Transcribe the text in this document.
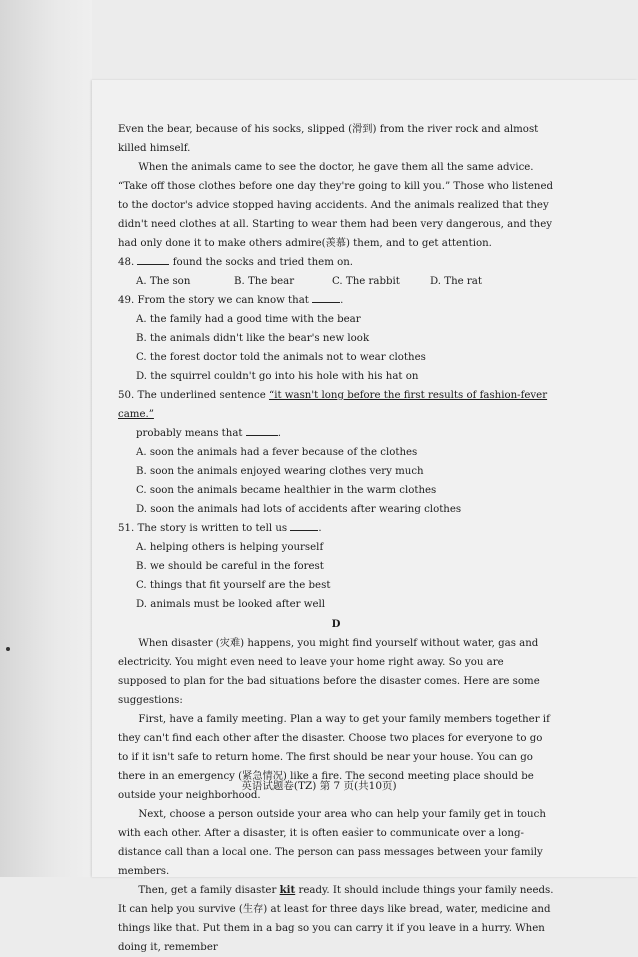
Even the bear, because of his socks, slipped (滑到) from the river rock and almost killed himself.

When the animals came to see the doctor, he gave them all the same advice. “Take off those clothes before one day they're going to kill you.” Those who listened to the doctor's advice stopped having accidents. And the animals realized that they didn't need clothes at all. Starting to wear them had been very dangerous, and they had only done it to make others admire(羡慕) them, and to get attention.

48.	found the socks and tried them on.

A. The son	B. The bear	C. The rabbit	D. The rat

49. From the story we can know that	.

A. the family had a good time with the bear

B. the animals didn't like the bear's new look

C. the forest doctor told the animals not to wear clothes

D. the squirrel couldn't go into his hole with his hat on

50. The underlined sentence “it wasn't long before the first results of fashion-fever came.”

probably means that	.

A. soon the animals had a fever because of the clothes

B. soon the animals enjoyed wearing clothes very much

C. soon the animals became healthier in the warm clothes

D. soon the animals had lots of accidents after wearing clothes

51. The story is written to tell us	.

A. helping others is helping yourself

B. we should be careful in the forest

C. things that fit yourself are the best

D. animals must be looked after well

D

When disaster (灾难) happens, you might find yourself without water, gas and electricity. You might even need to leave your home right away. So you are supposed to plan for the bad situations before the disaster comes. Here are some suggestions:

First, have a family meeting. Plan a way to get your family members together if they can't find each other after the disaster. Choose two places for everyone to go to if it isn't safe to return home. The first should be near your house. You can go there in an emergency (紧急情况) like a fire. The second meeting place should be outside your neighborhood.

Next, choose a person outside your area who can help your family get in touch with each other. After a disaster, it is often easier to communicate over a long-distance call than a local one. The person can pass messages between your family members.

Then, get a family disaster kit ready. It should include things your family needs. It can help you survive (生存) at least for three days like bread, water, medicine and things like that. Put them in a bag so you can carry it if you leave in a hurry. When doing it, remember

英语试题卷(TZ) 第 7 页(共10页)
ˎ
